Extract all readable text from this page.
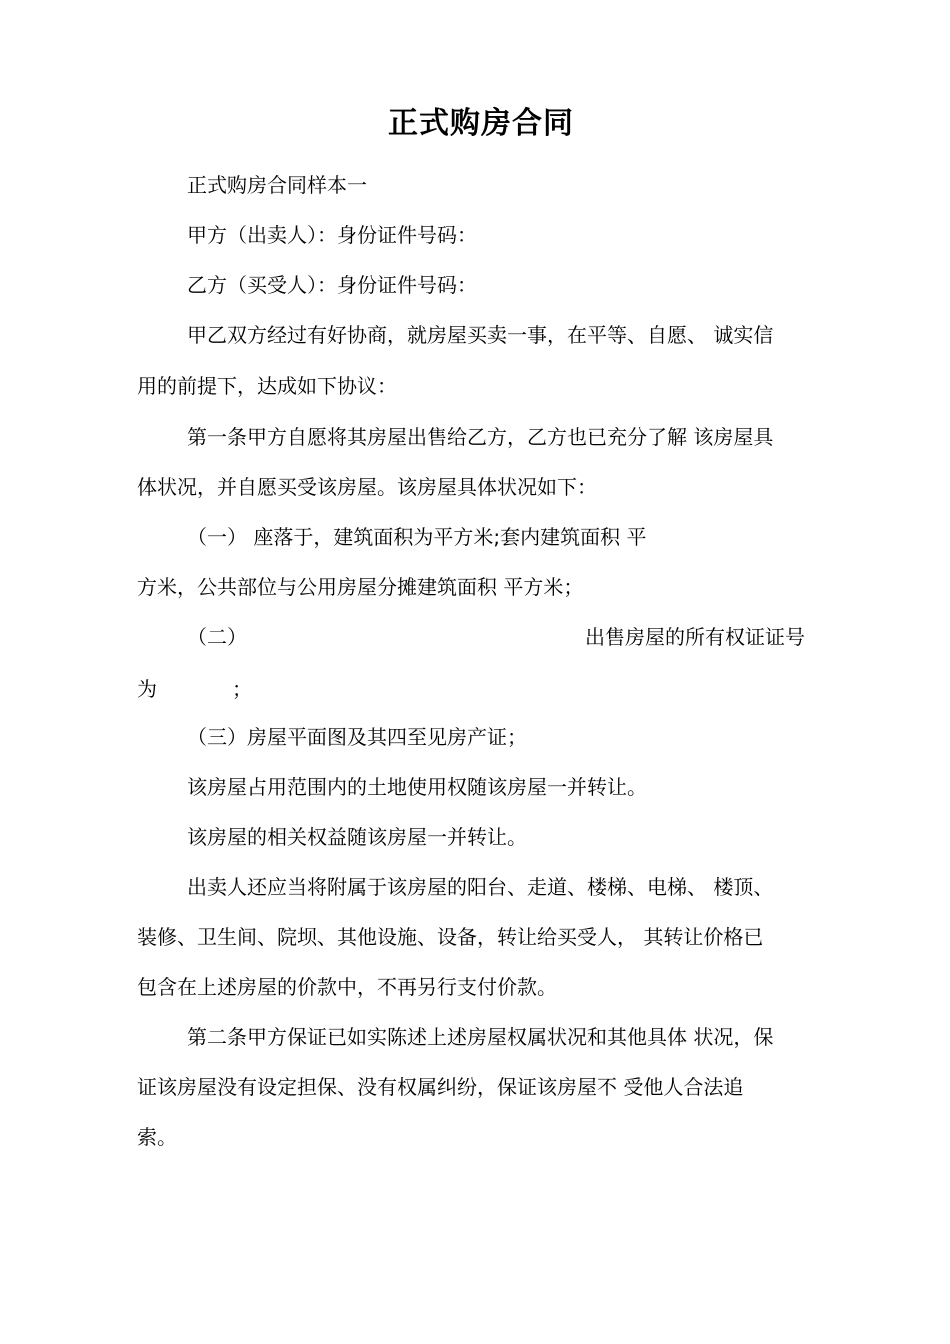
正式购房合同
正式购房合同样本一
甲方（出卖人）：身份证件号码：
乙方（买受人）：身份证件号码：
甲乙双方经过有好协商，就房屋买卖一事，在平等、自愿、 诚实信
用的前提下，达成如下协议：
第一条甲方自愿将其房屋出售给乙方，乙方也已充分了解 该房屋具
体状况，并自愿买受该房屋。该房屋具体状况如下：
（一） 座落于，建筑面积为平方米;套内建筑面积 平
方米，公共部位与公用房屋分摊建筑面积 平方米；
（二）	出售房屋的所有权证证号
为	；
（三）房屋平面图及其四至见房产证；
该房屋占用范围内的土地使用权随该房屋一并转让。
该房屋的相关权益随该房屋一并转让。
出卖人还应当将附属于该房屋的阳台、走道、楼梯、电梯、 楼顶、
装修、卫生间、院坝、其他设施、设备，转让给买受人， 其转让价格已
包含在上述房屋的价款中，不再另行支付价款。
第二条甲方保证已如实陈述上述房屋权属状况和其他具体 状况，保
证该房屋没有设定担保、没有权属纠纷，保证该房屋不 受他人合法追
索。
